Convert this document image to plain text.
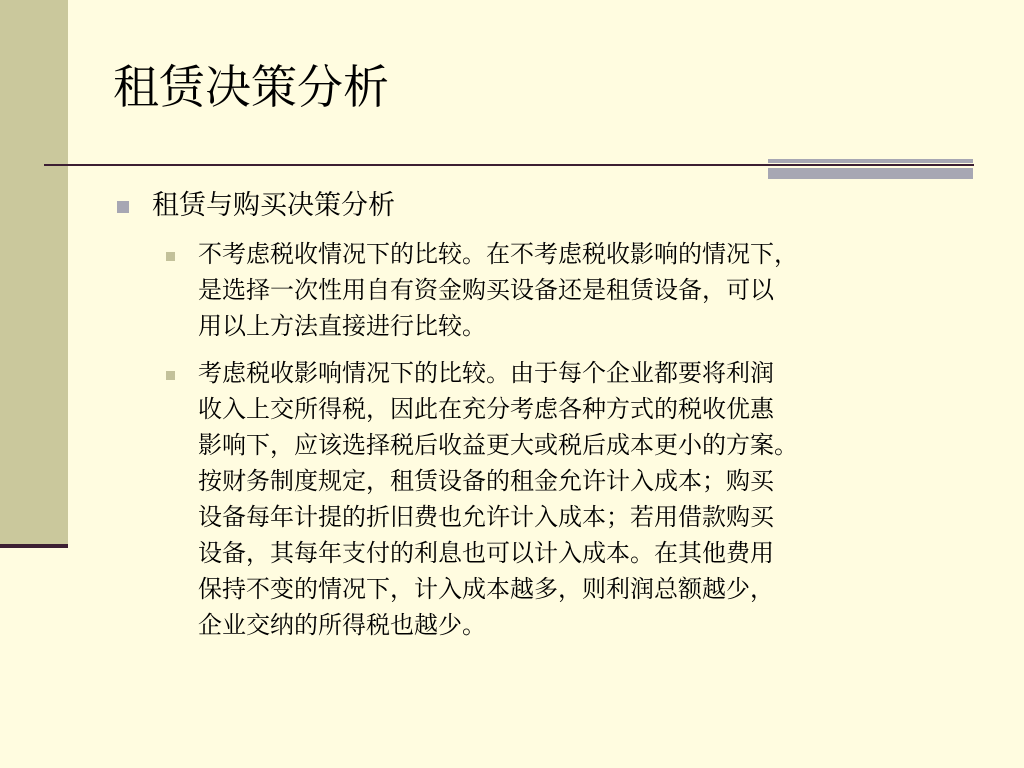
租赁决策分析
租赁与购买决策分析

不考虑税收情况下的比较。在不考虑税收影响的情况下，
是选择一次性用自有资金购买设备还是租赁设备，可以
用以上方法直接进行比较。

考虑税收影响情况下的比较。由于每个企业都要将利润
收入上交所得税，因此在充分考虑各种方式的税收优惠
影响下，应该选择税后收益更大或税后成本更小的方案。
按财务制度规定，租赁设备的租金允许计入成本；购买
设备每年计提的折旧费也允许计入成本；若用借款购买
设备，其每年支付的利息也可以计入成本。在其他费用
保持不变的情况下，计入成本越多，则利润总额越少，
企业交纳的所得税也越少。
